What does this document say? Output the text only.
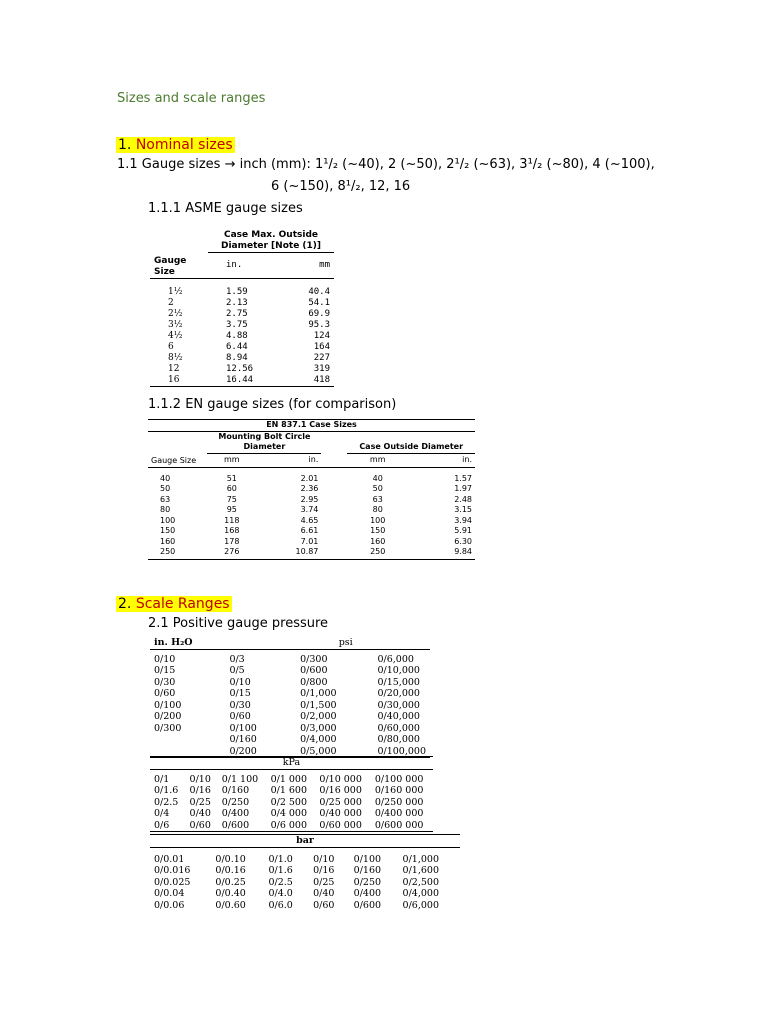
Sizes and scale ranges
1. Nominal sizes
1.1 Gauge sizes → inch (mm): 1¹/₂ (~40), 2 (~50), 2¹/₂ (~63), 3¹/₂ (~80), 4 (~100),
6 (~150), 8¹/₂, 12, 16
1.1.1 ASME gauge sizes
	Case Max. Outside	
	Diameter [Note (1)]	
Gauge Size	in.	mm

1½	1.59	40.4
2	2.13	54.1
2½	2.75	69.9
3½	3.75	95.3
4½	4.88	124
6	6.44	164
8½	8.94	227
12	12.56	319
16	16.44	418
1.1.2 EN gauge sizes (for comparison)
EN 837.1 Case Sizes					
	Mounting Bolt Circle				
	Diameter			Case Outside Diameter	
Gauge Size	mm	in.		mm	in.

40	51	2.01		40	1.57
50	60	2.36		50	1.97
63	75	2.95		63	2.48
80	95	3.74		80	3.15
100	118	4.65		100	3.94
150	168	6.61		150	5.91
160	178	7.01		160	6.30
250	276	10.87		250	9.84

2. Scale Ranges
2.1 Positive gauge pressure
in. H₂O	psi		

0/10	0/3	0/300	0/6,000
0/15	0/5	0/600	0/10,000
0/30	0/10	0/800	0/15,000
0/60	0/15	0/1,000	0/20,000
0/100	0/30	0/1,500	0/30,000
0/200	0/60	0/2,000	0/40,000
0/300	0/100	0/3,000	0/60,000
	0/160	0/4,000	0/80,000
	0/200	0/5,000	0/100,000
kPa					

0/1	0/10	0/1 100	0/1 000	0/10 000	0/100 000
0/1.6	0/16	0/160	0/1 600	0/16 000	0/160 000
0/2.5	0/25	0/250	0/2 500	0/25 000	0/250 000
0/4	0/40	0/400	0/4 000	0/40 000	0/400 000
0/6	0/60	0/600	0/6 000	0/60 000	0/600 000
bar					

0/0.01	0/0.10	0/1.0	0/10	0/100	0/1,000
0/0.016	0/0.16	0/1.6	0/16	0/160	0/1,600
0/0.025	0/0.25	0/2.5	0/25	0/250	0/2,500
0/0.04	0/0.40	0/4.0	0/40	0/400	0/4,000
0/0.06	0/0.60	0/6.0	0/60	0/600	0/6,000
